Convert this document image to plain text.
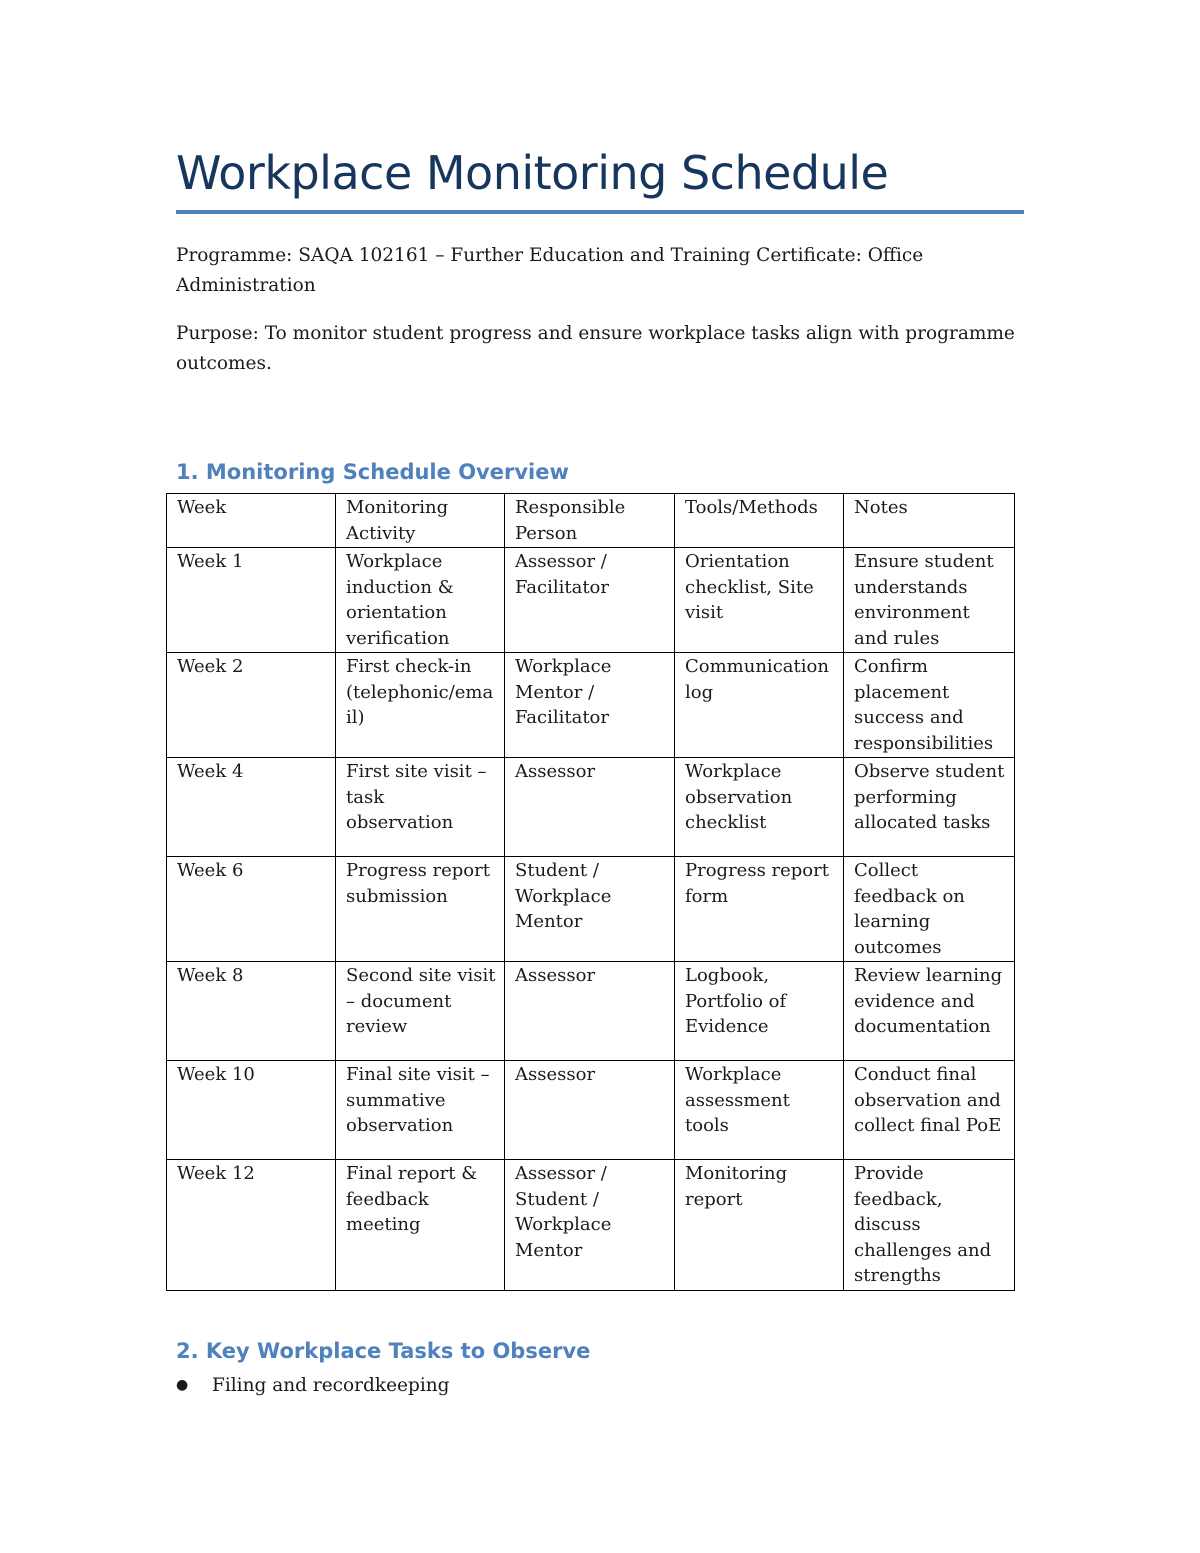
Workplace Monitoring Schedule

Programme: SAQA 102161 – Further Education and Training Certificate: Office Administration

Purpose: To monitor student progress and ensure workplace tasks align with programme outcomes.

1. Monitoring Schedule Overview
Week	Monitoring Activity	Responsible Person	Tools/Methods	Notes
Week 1	Workplace induction & orientation verification	Assessor / Facilitator	Orientation checklist, Site visit	Ensure student understands environment and rules
Week 2	First check-in (telephonic/email)	Workplace Mentor / Facilitator	Communication log	Confirm placement success and responsibilities
Week 4	First site visit – task observation	Assessor	Workplace observation checklist	Observe student performing allocated tasks
Week 6	Progress report submission	Student / Workplace Mentor	Progress report form	Collect feedback on learning outcomes
Week 8	Second site visit – document review	Assessor	Logbook, Portfolio of Evidence	Review learning evidence and documentation
Week 10	Final site visit – summative observation	Assessor	Workplace assessment tools	Conduct final observation and collect final PoE
Week 12	Final report & feedback meeting	Assessor / Student / Workplace Mentor	Monitoring report	Provide feedback, discuss challenges and strengths
2. Key Workplace Tasks to Observe
●	Filing and recordkeeping
